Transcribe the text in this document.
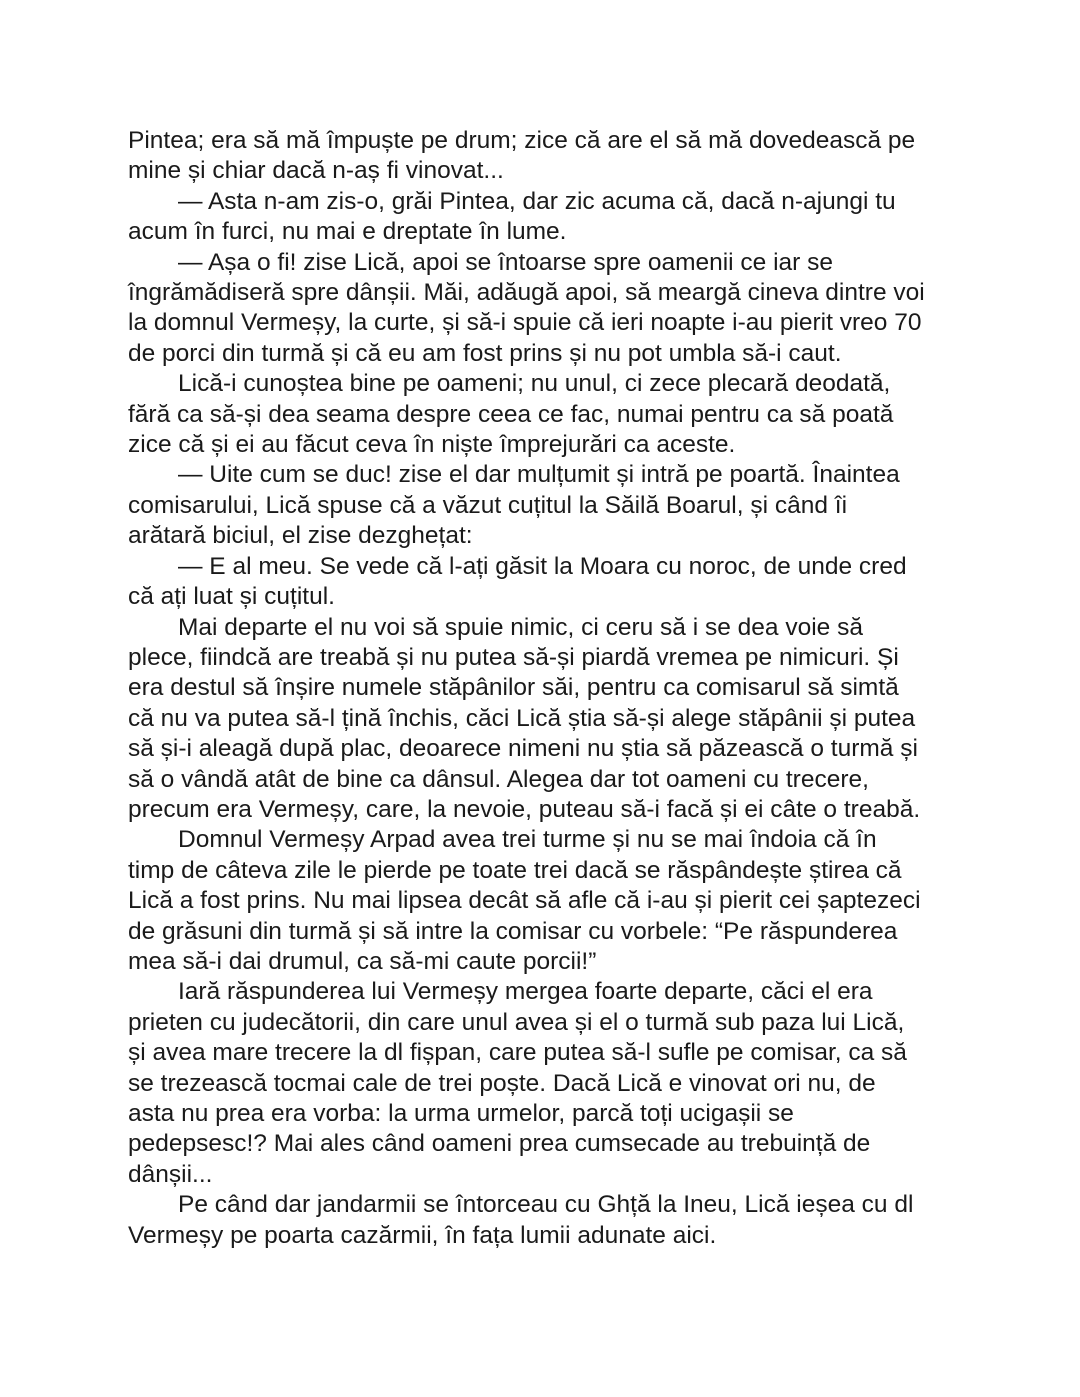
Pintea; era să mă împuște pe drum; zice că are el să mă dovedească pe
mine și chiar dacă n-aș fi vinovat...
— Asta n-am zis-o, grăi Pintea, dar zic acuma că, dacă n-ajungi tu
acum în furci, nu mai e dreptate în lume.
— Așa o fi! zise Lică, apoi se întoarse spre oamenii ce iar se
îngrămădiseră spre dânșii. Măi, adăugă apoi, să meargă cineva dintre voi
la domnul Vermeșy, la curte, și să-i spuie că ieri noapte i-au pierit vreo 70
de porci din turmă și că eu am fost prins și nu pot umbla să-i caut.
Lică-i cunoștea bine pe oameni; nu unul, ci zece plecară deodată,
fără ca să-și dea seama despre ceea ce fac, numai pentru ca să poată
zice că și ei au făcut ceva în niște împrejurări ca aceste.
— Uite cum se duc! zise el dar mulțumit și intră pe poartă. Înaintea
comisarului, Lică spuse că a văzut cuțitul la Săilă Boarul, și când îi
arătară biciul, el zise dezghețat:
— E al meu. Se vede că l-ați găsit la Moara cu noroc, de unde cred
că ați luat și cuțitul.
Mai departe el nu voi să spuie nimic, ci ceru să i se dea voie să
plece, fiindcă are treabă și nu putea să-și piardă vremea pe nimicuri. Și
era destul să înșire numele stăpânilor săi, pentru ca comisarul să simtă
că nu va putea să-l țină închis, căci Lică știa să-și alege stăpânii și putea
să și-i aleagă după plac, deoarece nimeni nu știa să păzească o turmă și
să o vândă atât de bine ca dânsul. Alegea dar tot oameni cu trecere,
precum era Vermeșy, care, la nevoie, puteau să-i facă și ei câte o treabă.
Domnul Vermeșy Arpad avea trei turme și nu se mai îndoia că în
timp de câteva zile le pierde pe toate trei dacă se răspândește știrea că
Lică a fost prins. Nu mai lipsea decât să afle că i-au și pierit cei șaptezeci
de grăsuni din turmă și să intre la comisar cu vorbele: “Pe răspunderea
mea să-i dai drumul, ca să-mi caute porcii!”
Iară răspunderea lui Vermeșy mergea foarte departe, căci el era
prieten cu judecătorii, din care unul avea și el o turmă sub paza lui Lică,
și avea mare trecere la dl fișpan, care putea să-l sufle pe comisar, ca să
se trezească tocmai cale de trei poște. Dacă Lică e vinovat ori nu, de
asta nu prea era vorba: la urma urmelor, parcă toți ucigașii se
pedepsesc!? Mai ales când oameni prea cumsecade au trebuință de
dânșii...
Pe când dar jandarmii se întorceau cu Ghță la Ineu, Lică ieșea cu dl
Vermeșy pe poarta cazărmii, în fața lumii adunate aici.
